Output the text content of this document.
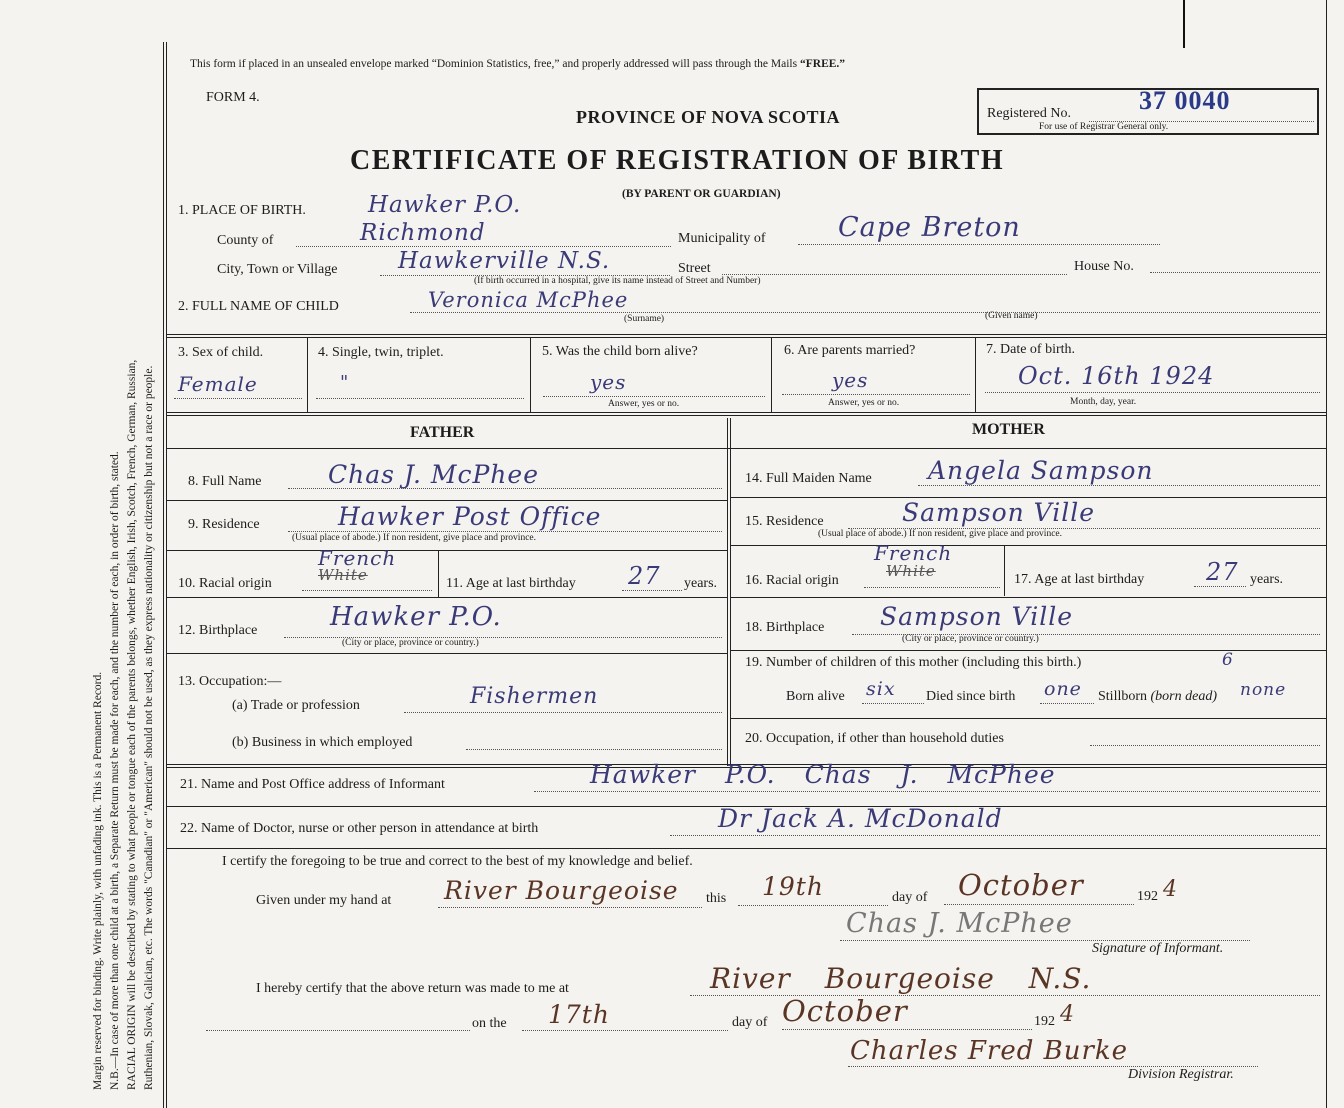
Margin reserved for binding. Write plainly, with unfading ink. This is a Permanent Record. N.B.—In case of more than one child at a birth, a Separate Return must be made for each, and the number of each, in order of birth, stated. RACIAL ORIGIN will be described by stating to what people or tongue each of the parents belongs, whether English, Irish, Scotch, French, German, Russian, Ruthenian, Slovak, Galician, etc. The words "Canadian" or "American" should not be used, as they express nationality or citizenship but not a race or people.
This form if placed in an unsealed envelope marked “Dominion Statistics, free,” and properly addressed will pass through the Mails “FREE.”
FORM 4.
PROVINCE OF NOVA SCOTIA
CERTIFICATE OF REGISTRATION OF BIRTH
(BY PARENT OR GUARDIAN)
Registered No.	37 0040
For use of Registrar General only.
1. PLACE OF BIRTH.	Hawker P.O.
County of	Richmond	Municipality of	Cape Breton
City, Town or Village	Hawkerville N.S.	Street
(If birth occurred in a hospital, give its name instead of Street and Number)
House No.
2. FULL NAME OF CHILD	Veronica McPhee
(Surname)	(Given name)
3. Sex of child.
Female
4. Single, twin, triplet.
"
5. Was the child born alive?
yes
Answer, yes or no.
6. Are parents married?
yes
Answer, yes or no.
7. Date of birth.
Oct. 16th 1924
Month, day, year.
FATHER	MOTHER
8. Full Name	Chas J. McPhee
9. Residence	Hawker Post Office
(Usual place of abode.) If non resident, give place and province.
10. Racial origin
French
White	11. Age at last birthday 27 years.
12. Birthplace	Hawker P.O.
(City or place, province or country.)
13. Occupation:—
(a) Trade or profession	Fishermen
(b) Business in which employed
14. Full Maiden Name Angela Sampson
15. Residence	Sampson Ville
(Usual place of abode.) If non resident, give place and province.
16. Racial origin
French
White	17. Age at last birthday	27 years.
18. Birthplace Sampson Ville
(City or place, province or country.)
19. Number of children of this mother (including this birth.)	6
Born alive six Died since birth one Stillborn (born dead) none
20. Occupation, if other than household duties
21. Name and Post Office address of Informant	Hawker P.O. Chas J. McPhee
22. Name of Doctor, nurse or other person in attendance at birth	Dr Jack A. McDonald
I certify the foregoing to be true and correct to the best of my knowledge and belief.
Given under my hand at River Bourgeoise this 19th	day of October	192 4
Chas J. McPhee
Signature of Informant.
I hereby certify that the above return was made to me at	River Bourgeoise N.S.
on the 17th	day of October	192 4
Charles Fred Burke
Division Registrar.
